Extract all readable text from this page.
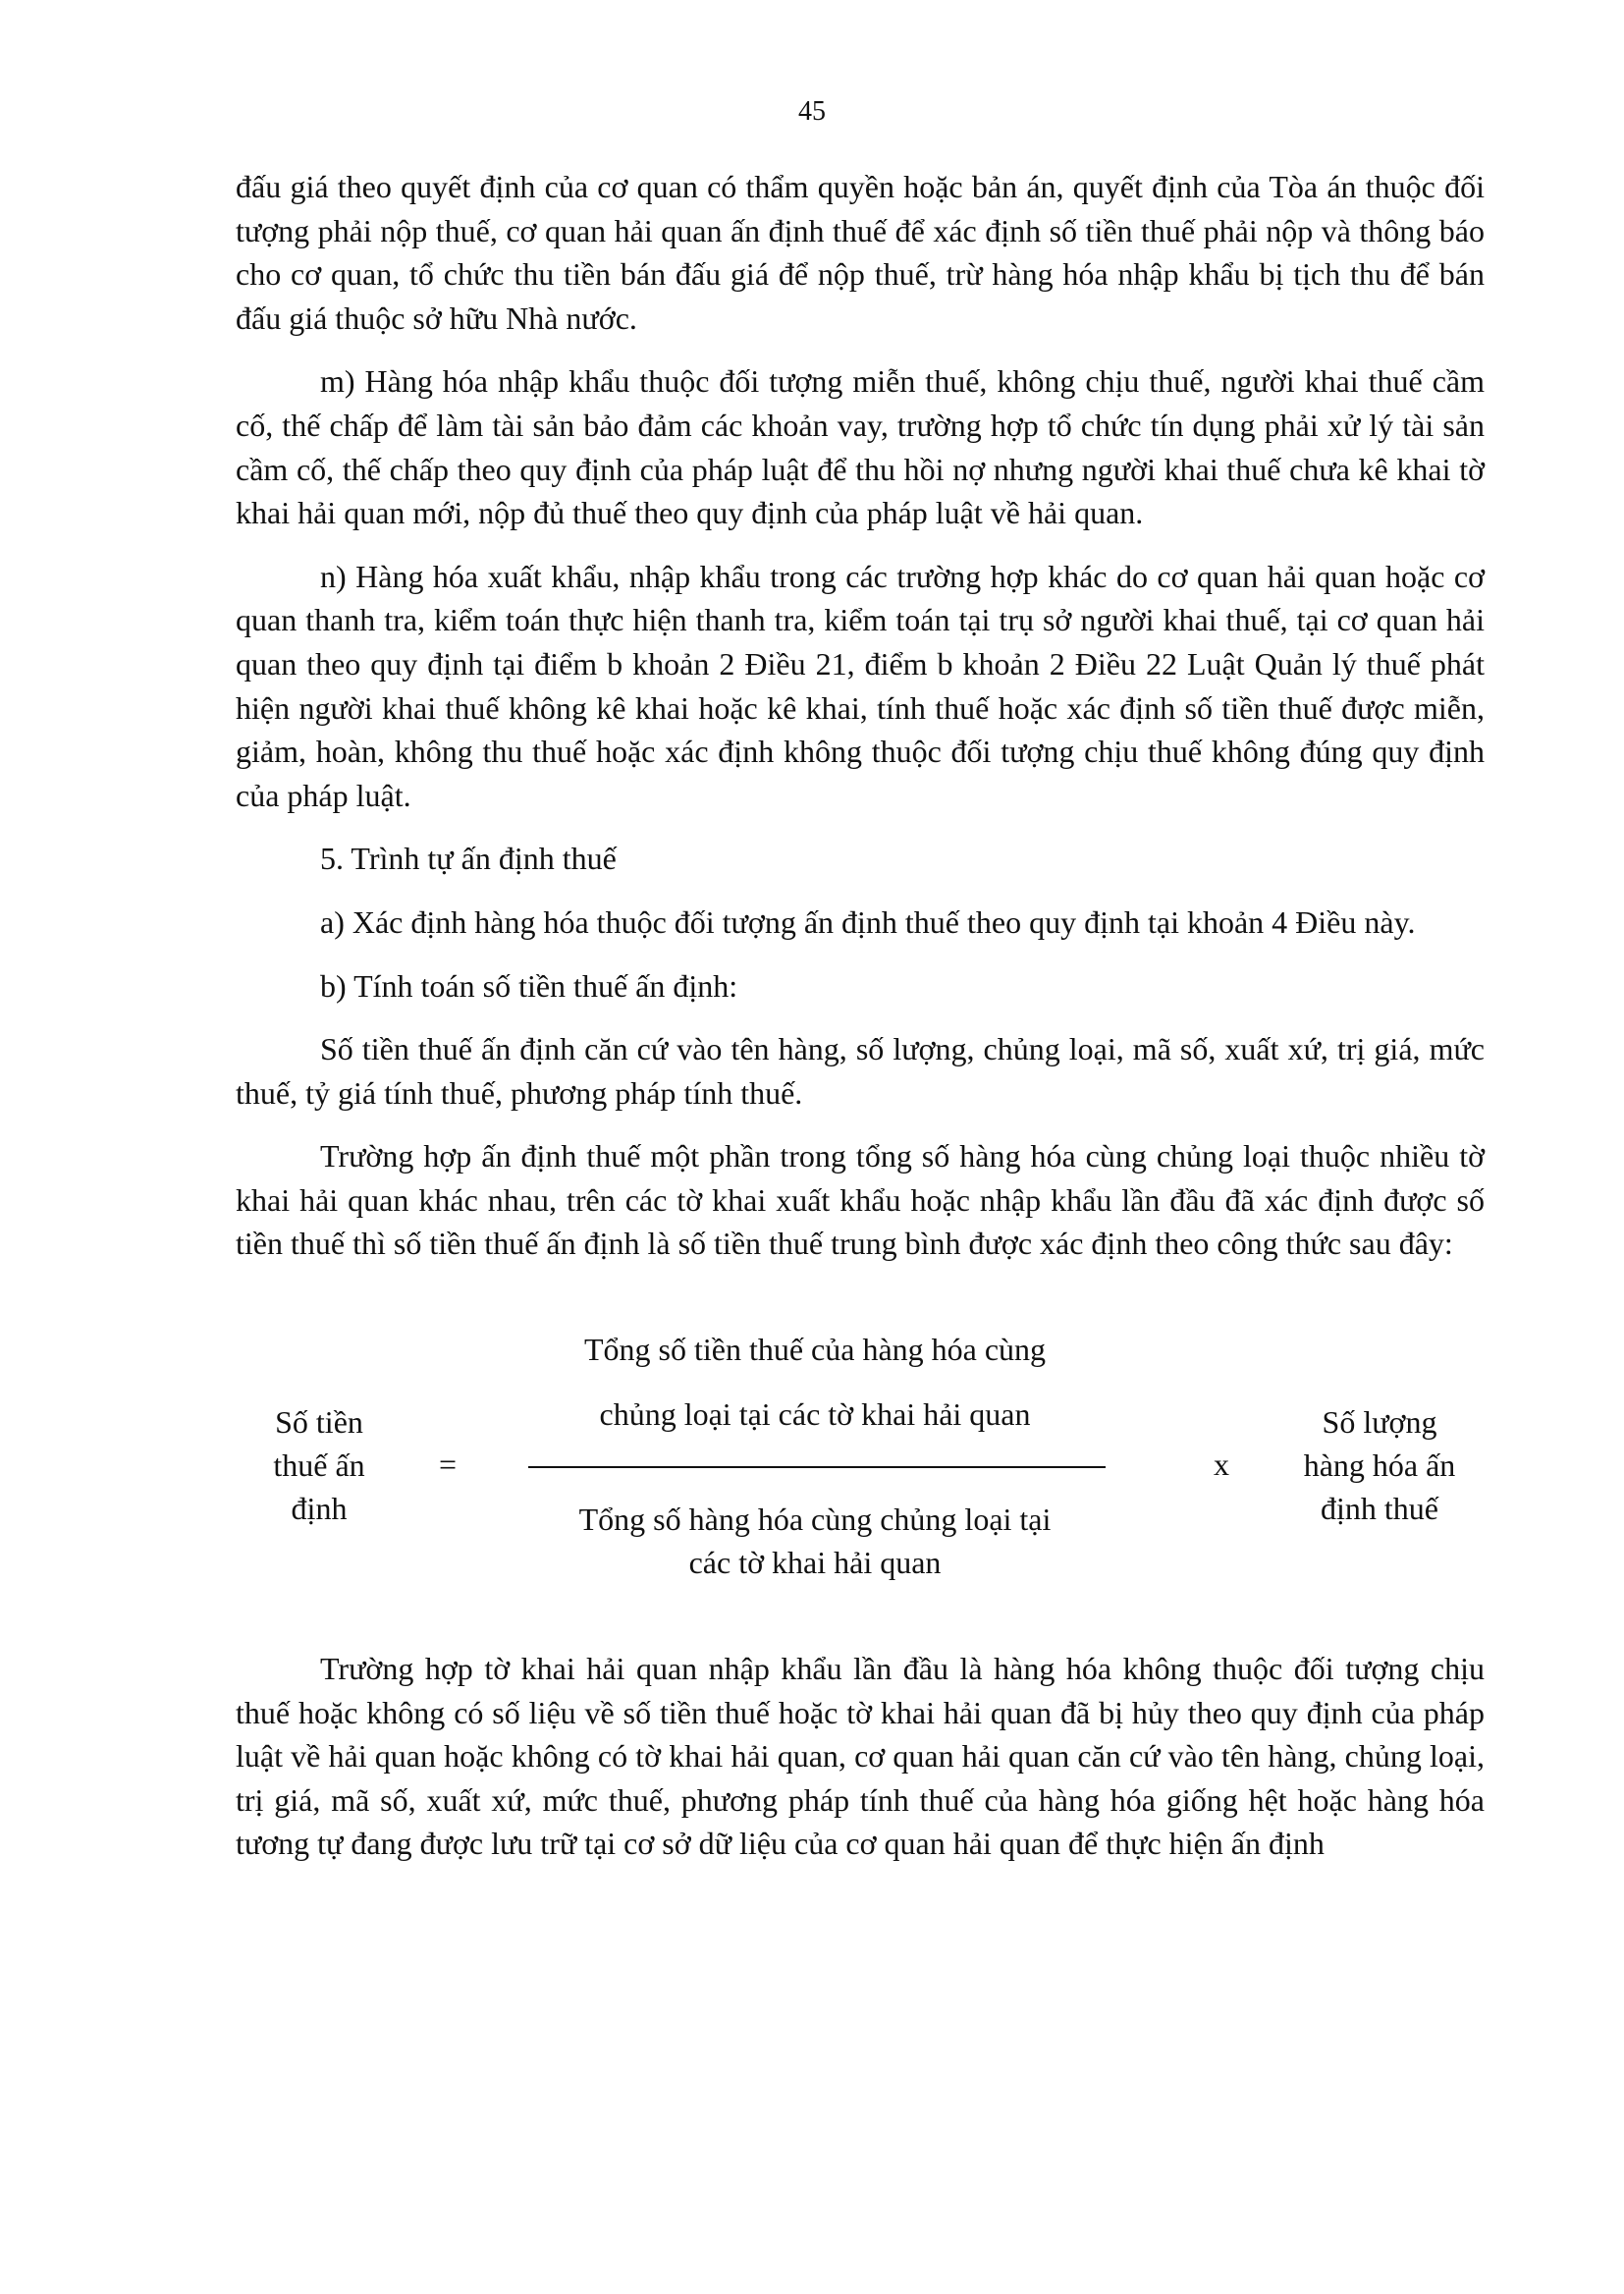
45

đấu giá theo quyết định của cơ quan có thẩm quyền hoặc bản án, quyết định của Tòa án thuộc đối tượng phải nộp thuế, cơ quan hải quan ấn định thuế để xác định số tiền thuế phải nộp và thông báo cho cơ quan, tổ chức thu tiền bán đấu giá để nộp thuế, trừ hàng hóa nhập khẩu bị tịch thu để bán đấu giá thuộc sở hữu Nhà nước.

m) Hàng hóa nhập khẩu thuộc đối tượng miễn thuế, không chịu thuế, người khai thuế cầm cố, thế chấp để làm tài sản bảo đảm các khoản vay, trường hợp tổ chức tín dụng phải xử lý tài sản cầm cố, thế chấp theo quy định của pháp luật để thu hồi nợ nhưng người khai thuế chưa kê khai tờ khai hải quan mới, nộp đủ thuế theo quy định của pháp luật về hải quan.

n) Hàng hóa xuất khẩu, nhập khẩu trong các trường hợp khác do cơ quan hải quan hoặc cơ quan thanh tra, kiểm toán thực hiện thanh tra, kiểm toán tại trụ sở người khai thuế, tại cơ quan hải quan theo quy định tại điểm b khoản 2 Điều 21, điểm b khoản 2 Điều 22 Luật Quản lý thuế phát hiện người khai thuế không kê khai hoặc kê khai, tính thuế hoặc xác định số tiền thuế được miễn, giảm, hoàn, không thu thuế hoặc xác định không thuộc đối tượng chịu thuế không đúng quy định của pháp luật.

5. Trình tự ấn định thuế

a) Xác định hàng hóa thuộc đối tượng ấn định thuế theo quy định tại khoản 4 Điều này.

b) Tính toán số tiền thuế ấn định:

Số tiền thuế ấn định căn cứ vào tên hàng, số lượng, chủng loại, mã số, xuất xứ, trị giá, mức thuế, tỷ giá tính thuế, phương pháp tính thuế.

Trường hợp ấn định thuế một phần trong tổng số hàng hóa cùng chủng loại thuộc nhiều tờ khai hải quan khác nhau, trên các tờ khai xuất khẩu hoặc nhập khẩu lần đầu đã xác định được số tiền thuế thì số tiền thuế ấn định là số tiền thuế trung bình được xác định theo công thức sau đây:

Số tiền
thuế ấn
định
=
Tổng số tiền thuế của hàng hóa cùng
chủng loại tại các tờ khai hải quan
Tổng số hàng hóa cùng chủng loại tại
các tờ khai hải quan
x
Số lượng
hàng hóa ấn
định thuế

Trường hợp tờ khai hải quan nhập khẩu lần đầu là hàng hóa không thuộc đối tượng chịu thuế hoặc không có số liệu về số tiền thuế hoặc tờ khai hải quan đã bị hủy theo quy định của pháp luật về hải quan hoặc không có tờ khai hải quan, cơ quan hải quan căn cứ vào tên hàng, chủng loại, trị giá, mã số, xuất xứ, mức thuế, phương pháp tính thuế của hàng hóa giống hệt hoặc hàng hóa tương tự đang được lưu trữ tại cơ sở dữ liệu của cơ quan hải quan để thực hiện ấn định
